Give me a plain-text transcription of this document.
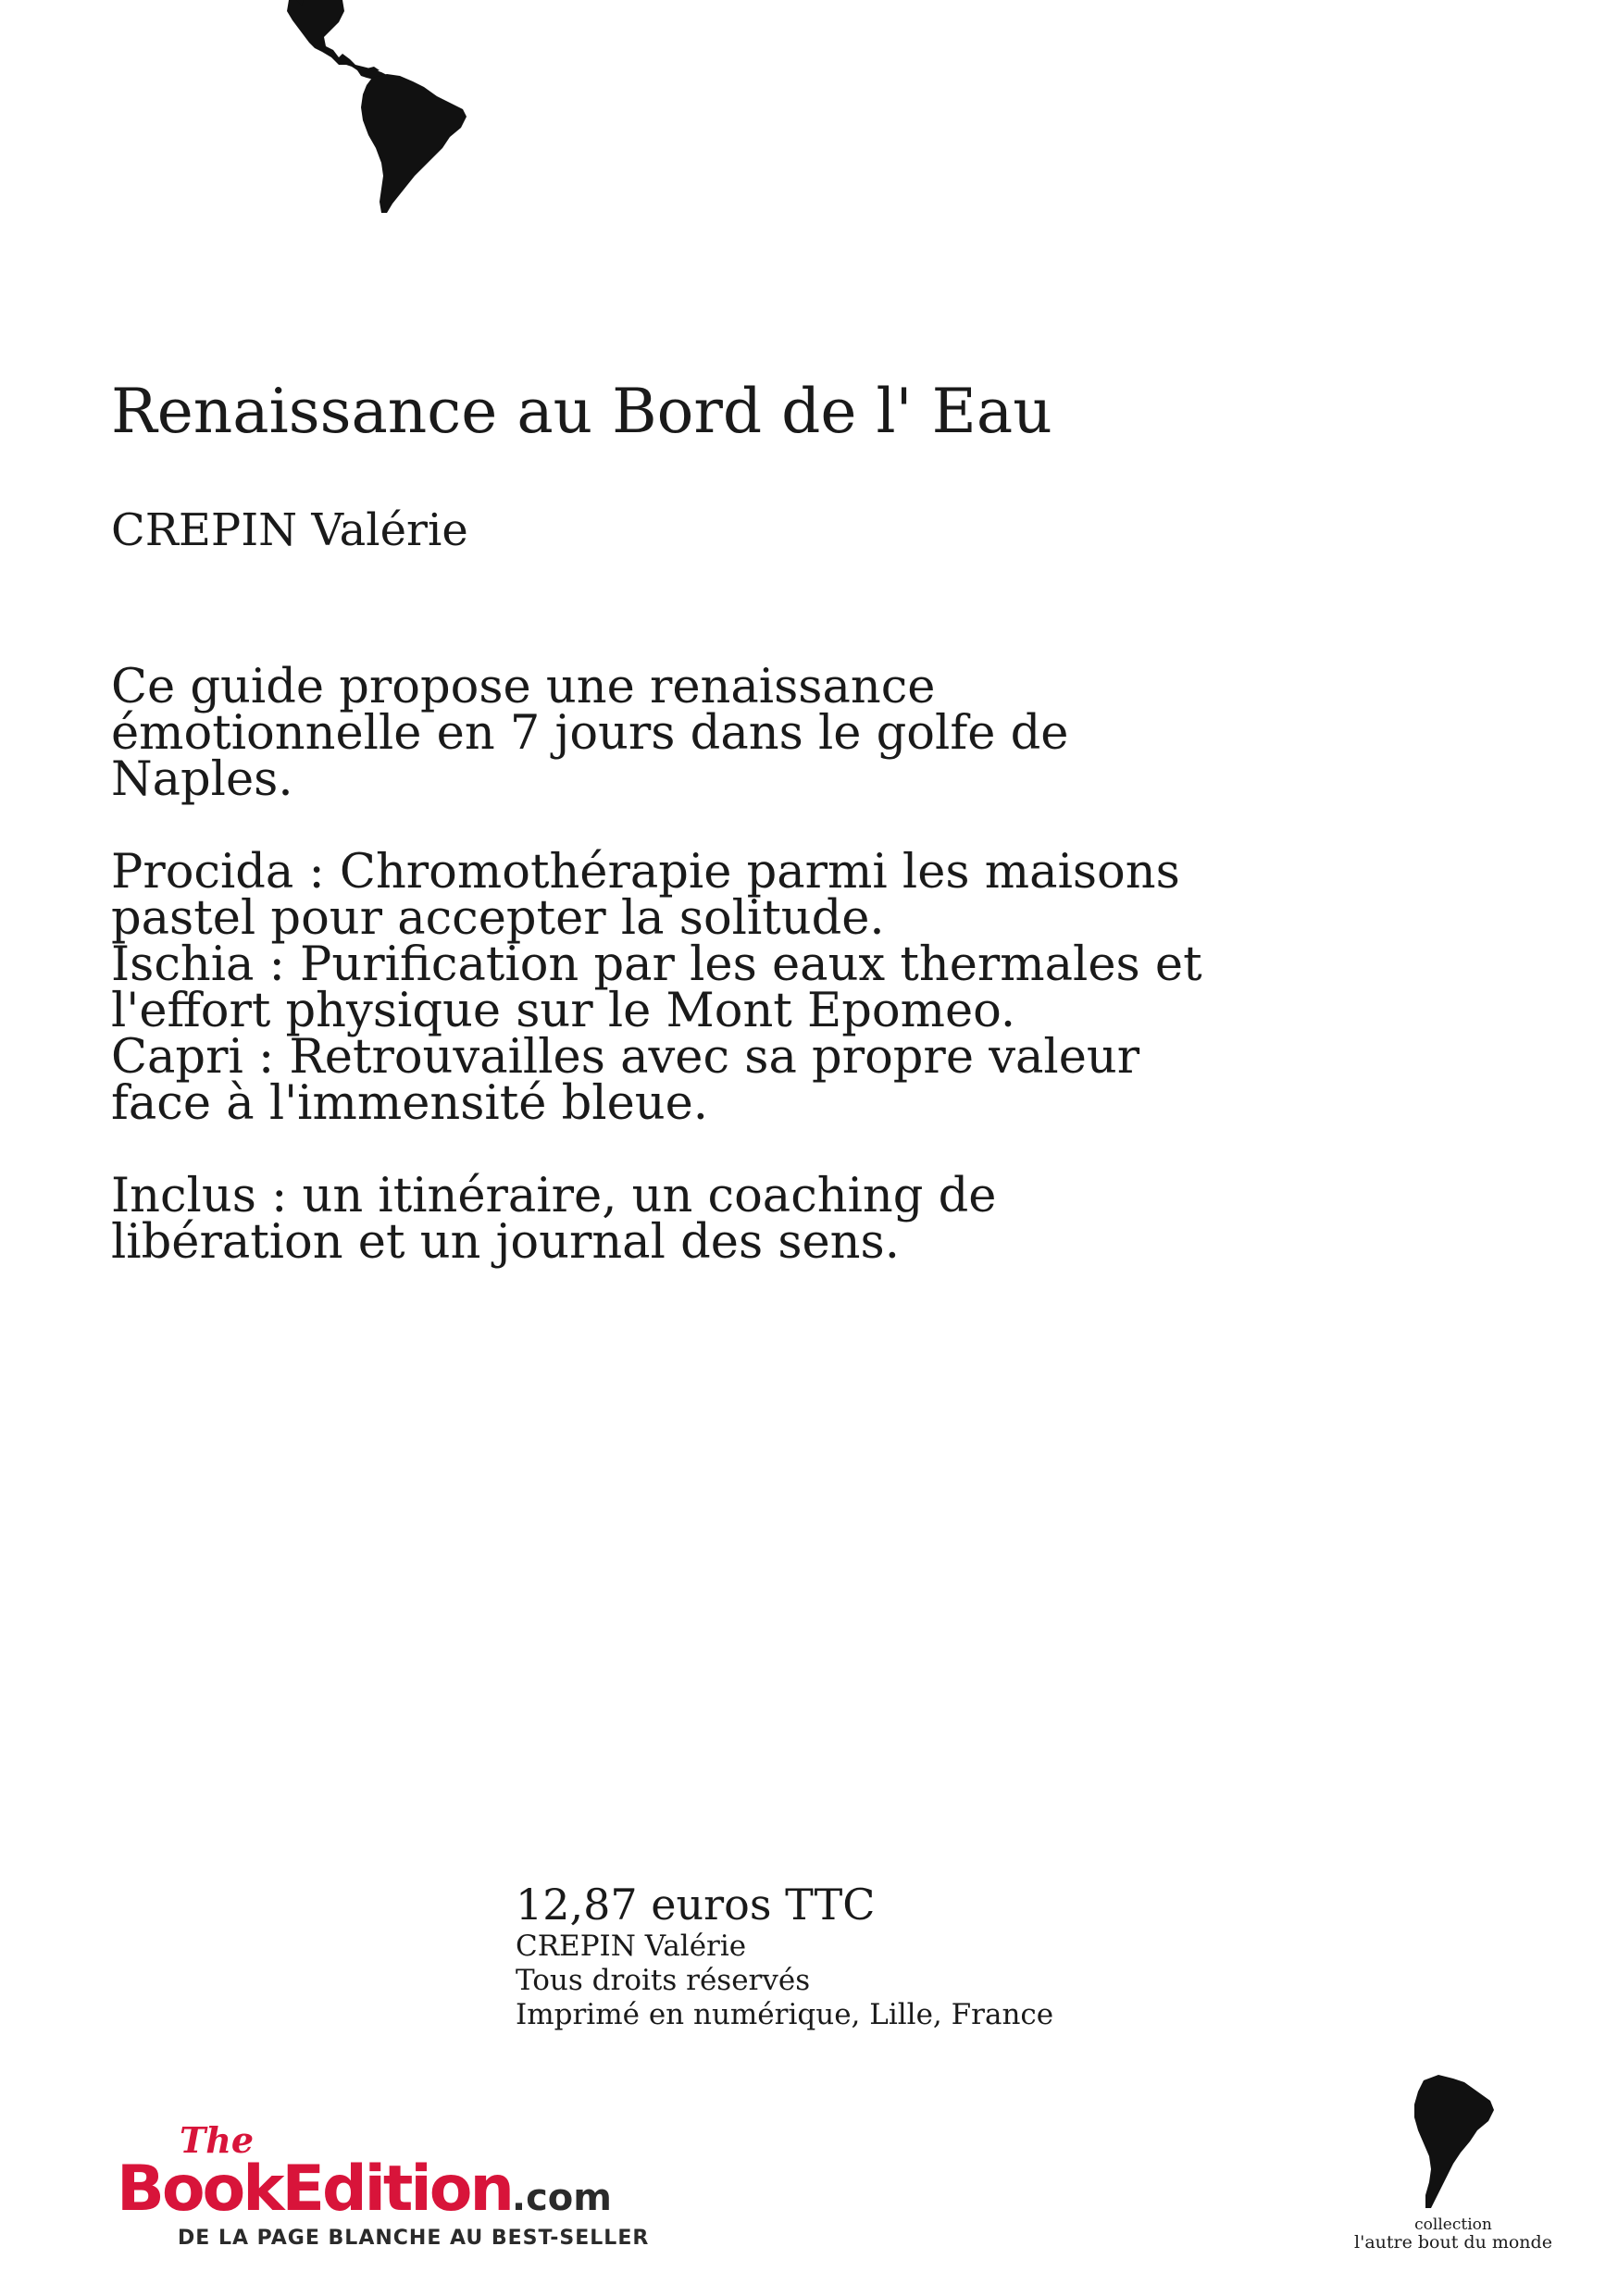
Renaissance au Bord de l' Eau
CREPIN Valérie

Ce guide propose une renaissance
émotionnelle en 7 jours dans le golfe de
Naples.

Procida : Chromothérapie parmi les maisons
pastel pour accepter la solitude.
Ischia : Purification par les eaux thermales et
l'effort physique sur le Mont Epomeo.
Capri : Retrouvailles avec sa propre valeur
face à l'immensité bleue.

Inclus : un itinéraire, un coaching de
libération et un journal des sens.

12,87 euros TTC
CREPIN Valérie
Tous droits réservés
Imprimé en numérique, Lille, France
The
BookEdition.com
DE LA PAGE BLANCHE AU BEST-SELLER
collection
l'autre bout du monde
